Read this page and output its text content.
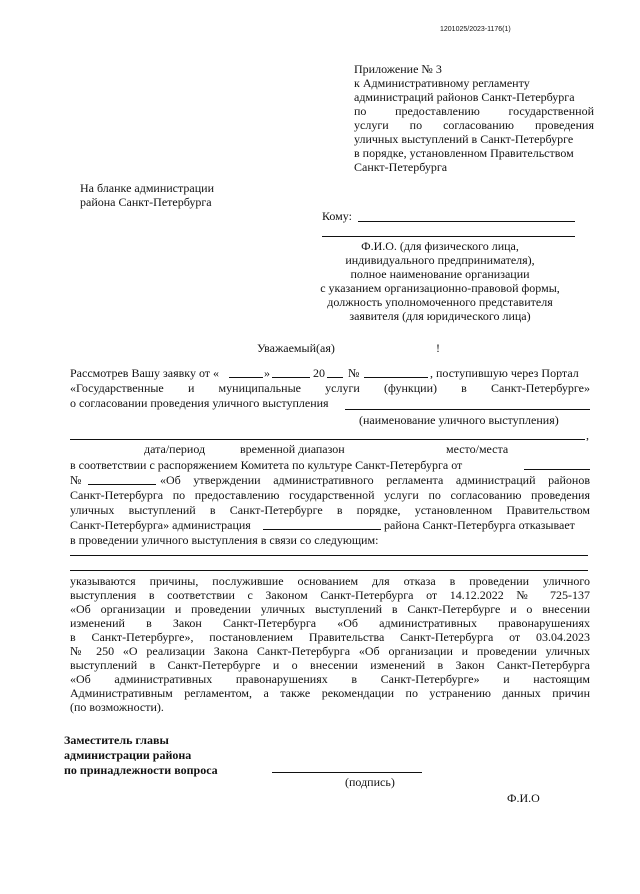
1201025/2023-1176(1)
Приложение № 3
к Административному регламенту
администраций районов Санкт-Петербурга
по предоставлению государственной
услуги по согласованию проведения
уличных выступлений в Санкт-Петербурге
в порядке, установленном Правительством
Санкт-Петербурга
На бланке администрации
района Санкт-Петербурга
Кому:
Ф.И.О. (для физического лица,
индивидуального предпринимателя),
полное наименование организации
с указанием организационно-правовой формы,
должность уполномоченного представителя
заявителя (для юридического лица)
Уважаемый(ая)	!
Рассмотрев Вашу заявку от «	»	20 №	, поступившую через Портал
«Государственные и муниципальные услуги (функции) в Санкт-Петербурге»
о согласовании проведения уличного выступления
(наименование уличного выступления)
,
дата/период	временной диапазон	место/места
в соответствии с распоряжением Комитета по культуре Санкт-Петербурга от
№	«Об утверждении административного регламента администраций районов
Санкт-Петербурга по предоставлению государственной услуги по согласованию проведения
уличных выступлений в Санкт-Петербурге в порядке, установленном Правительством
Санкт-Петербурга» администрация	района Санкт-Петербурга отказывает
в проведении уличного выступления в связи со следующим:
указываются причины, послужившие основанием для отказа в проведении уличного
выступления в соответствии с Законом Санкт-Петербурга от 14.12.2022 № 725-137
«Об организации и проведении уличных выступлений в Санкт-Петербурге и о внесении
изменений в Закон Санкт-Петербурга «Об административных правонарушениях
в Санкт-Петербурге», постановлением Правительства Санкт-Петербурга от 03.04.2023
№ 250 «О реализации Закона Санкт-Петербурга «Об организации и проведении уличных
выступлений в Санкт-Петербурге и о внесении изменений в Закон Санкт-Петербурга
«Об административных правонарушениях в Санкт-Петербурге» и настоящим
Административным регламентом, а также рекомендации по устранению данных причин
(по возможности).
Заместитель главы
администрации района
по принадлежности вопроса
(подпись)
Ф.И.О
